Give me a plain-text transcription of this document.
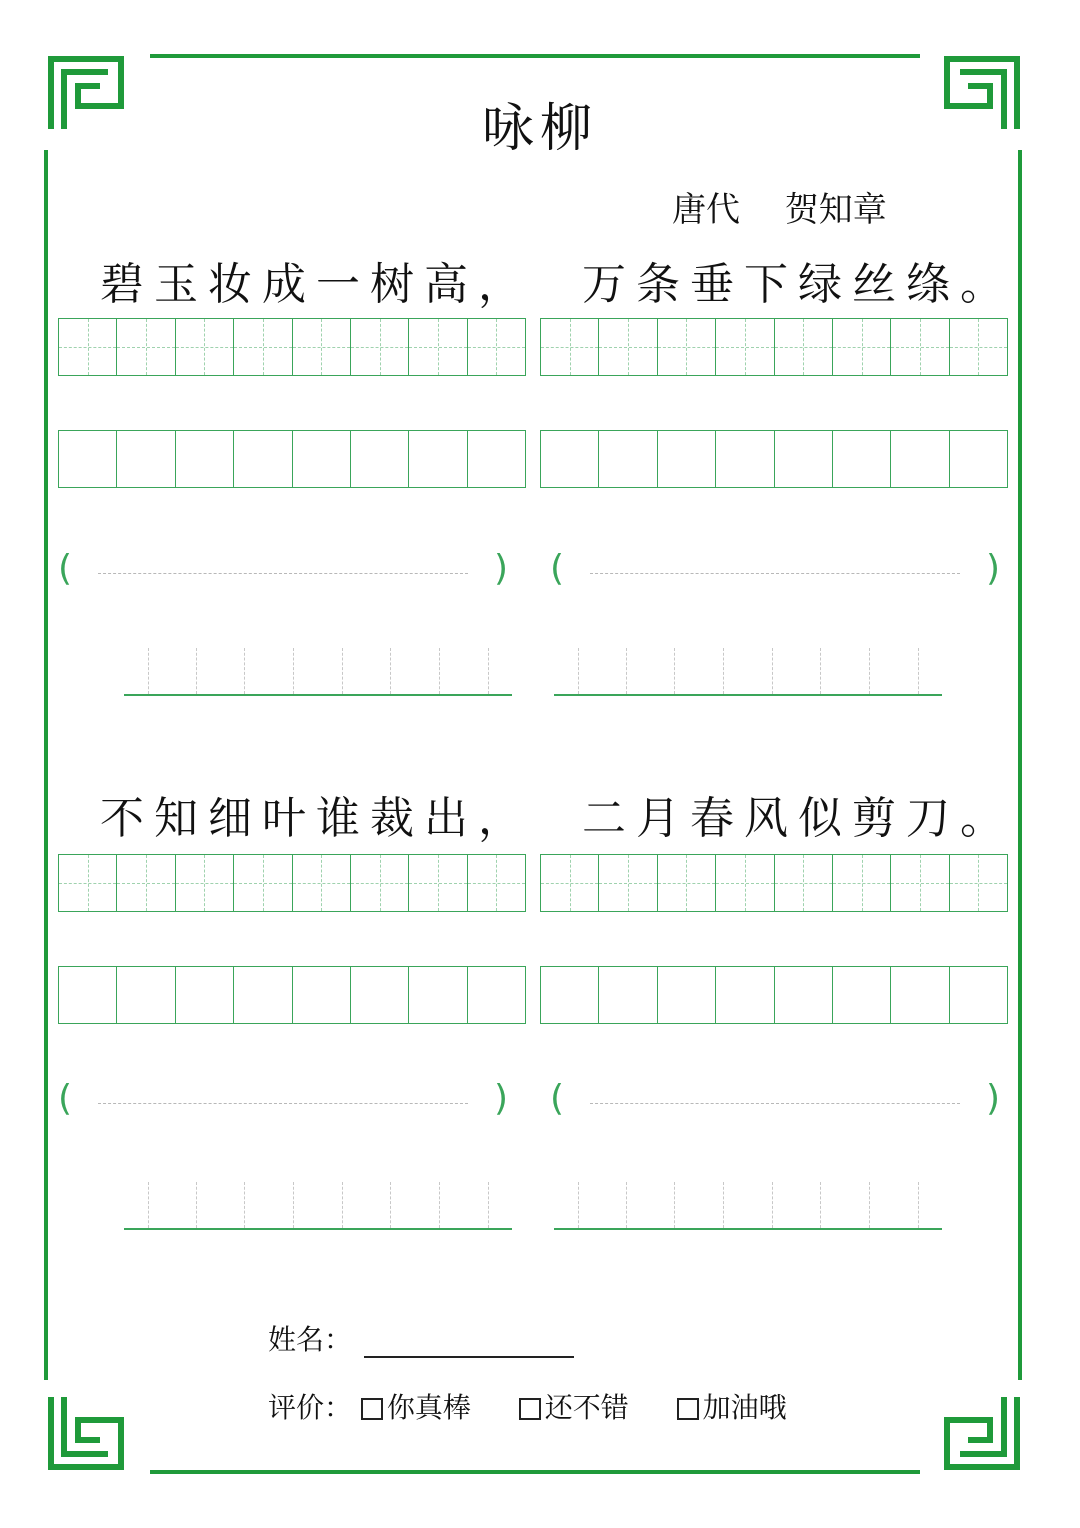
咏柳
唐代　 贺知章
碧玉妆成一树高， 万条垂下绿丝绦。
(	) (	)
不知细叶谁裁出， 二月春风似剪刀。
(	) (	)
姓名：
评价： 你真棒	还不错	加油哦
